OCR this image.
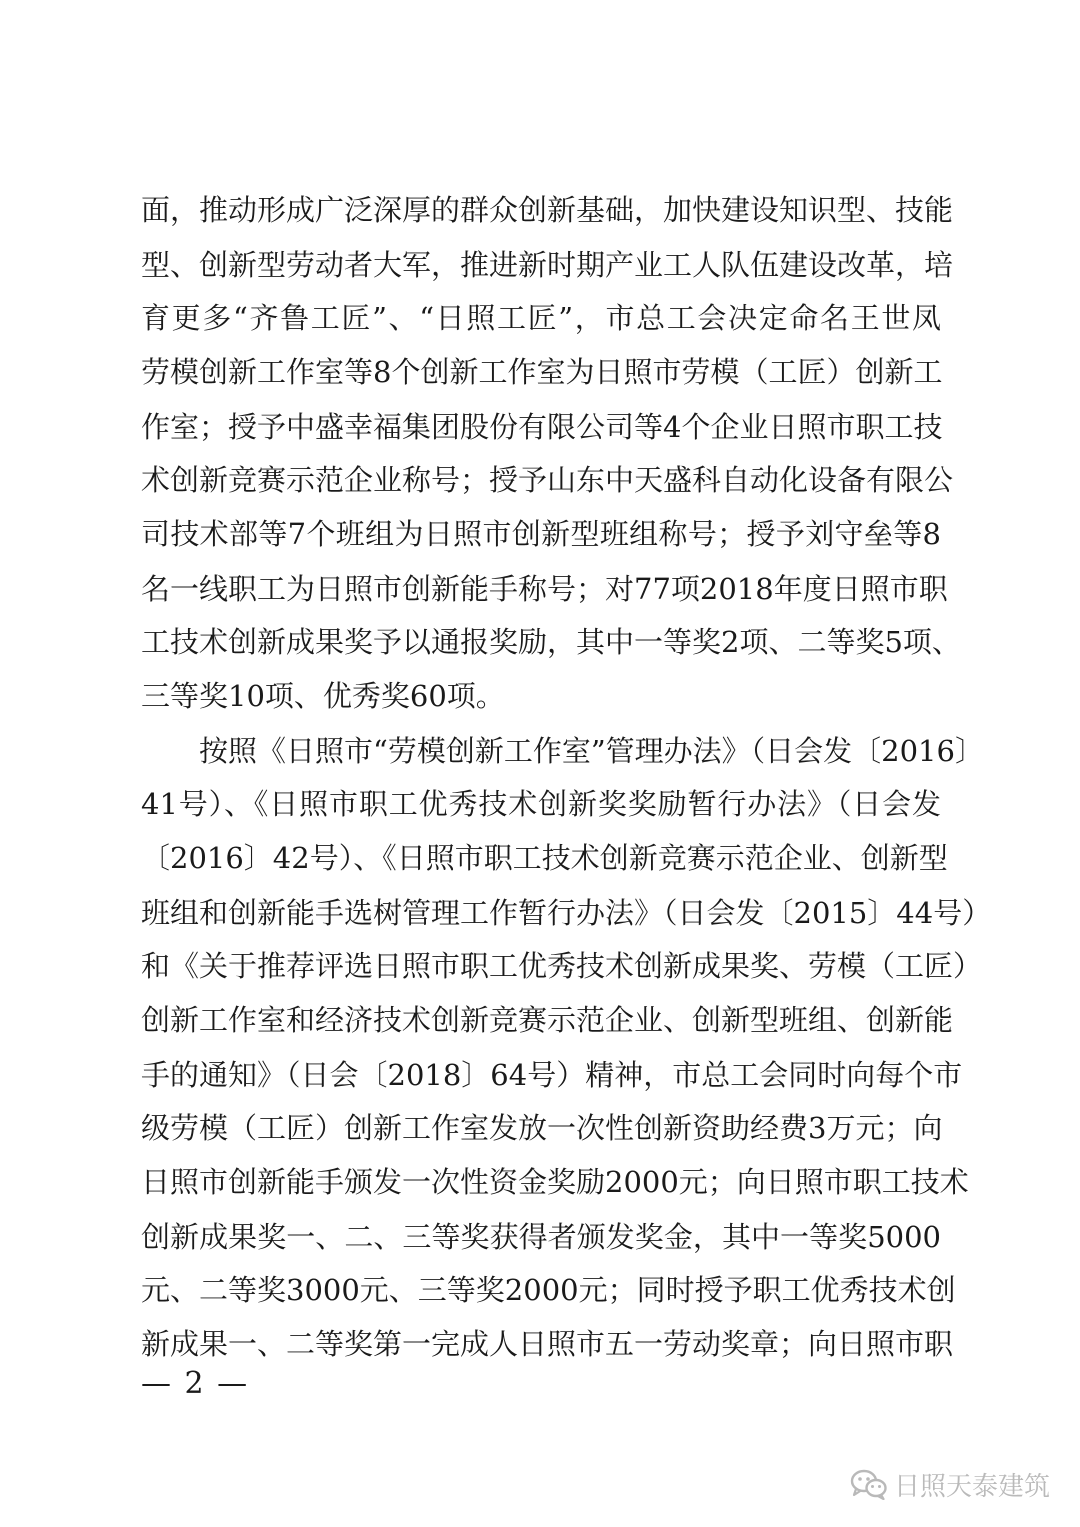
面，推动形成广泛深厚的群众创新基础，加快建设知识型、技能
型、创新型劳动者大军，推进新时期产业工人队伍建设改革，培
育更多“齐鲁工匠”、“日照工匠”，市总工会决定命名王世凤
劳模创新工作室等8个创新工作室为日照市劳模（工匠）创新工
作室；授予中盛幸福集团股份有限公司等4个企业日照市职工技
术创新竞赛示范企业称号；授予山东中天盛科自动化设备有限公
司技术部等7个班组为日照市创新型班组称号；授予刘守垒等8
名一线职工为日照市创新能手称号；对77项2018年度日照市职
工技术创新成果奖予以通报奖励，其中一等奖2项、二等奖5项、
三等奖10项、优秀奖60项。
按照《日照市“劳模创新工作室”管理办法》（日会发〔2016〕
41号）、《日照市职工优秀技术创新奖奖励暂行办法》（日会发
〔2016〕42号）、《日照市职工技术创新竞赛示范企业、创新型
班组和创新能手选树管理工作暂行办法》（日会发〔2015〕44号）
和《关于推荐评选日照市职工优秀技术创新成果奖、劳模（工匠）
创新工作室和经济技术创新竞赛示范企业、创新型班组、创新能
手的通知》（日会〔2018〕64号）精神，市总工会同时向每个市
级劳模（工匠）创新工作室发放一次性创新资助经费3万元；向
日照市创新能手颁发一次性资金奖励2000元；向日照市职工技术
创新成果奖一、二、三等奖获得者颁发奖金，其中一等奖5000
元、二等奖3000元、三等奖2000元；同时授予职工优秀技术创
新成果一、二等奖第一完成人日照市五一劳动奖章；向日照市职
— 2 —
日照天泰建筑
